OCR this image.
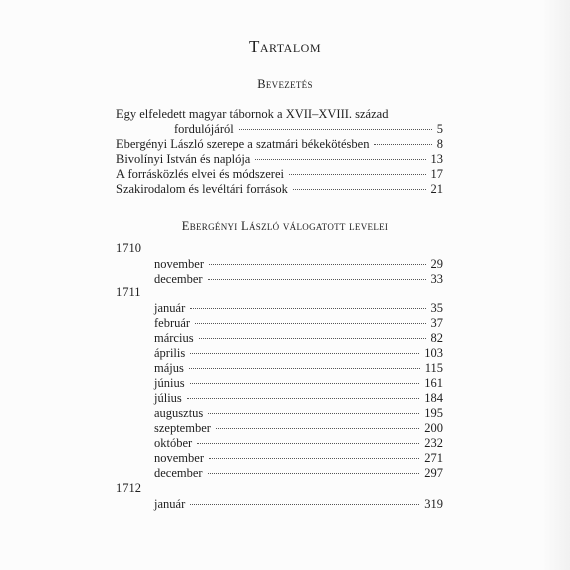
Tartalom
Bevezetés
Egy elfeledett magyar tábornok a XVII–XVIII. század
fordulójáról	5
Ebergényi László szerepe a szatmári békekötésben	8
Bivolínyi István és naplója	13
A forrásközlés elvei és módszerei	17
Szakirodalom és levéltári források	21
Ebergényi László válogatott levelei
1710
november	29
december	33
1711
január	35
február	37
március	82
április	103
május	115
június	161
július	184
augusztus	195
szeptember	200
október	232
november	271
december	297
1712
január	319
